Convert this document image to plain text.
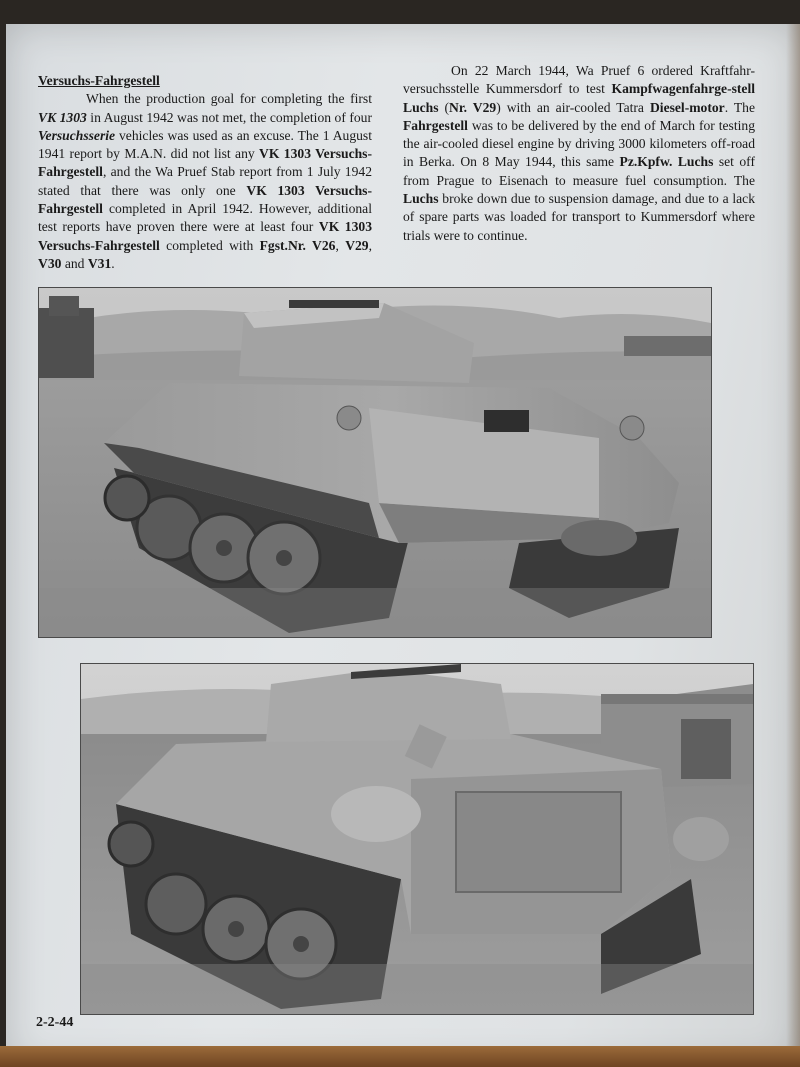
Versuchs-Fahrgestell

When the production goal for completing the first VK 1303 in August 1942 was not met, the completion of four Versuchsserie vehicles was used as an excuse. The 1 August 1941 report by M.A.N. did not list any VK 1303 Versuchs-Fahrgestell, and the Wa Pruef Stab report from 1 July 1942 stated that there was only one VK 1303 Versuchs-Fahrgestell completed in April 1942. However, additional test reports have proven there were at least four VK 1303 Versuchs-Fahrgestell completed with Fgst.Nr. V26, V29, V30 and V31.

On 22 March 1944, Wa Pruef 6 ordered Kraftfahr-versuchsstelle Kummersdorf to test Kampfwagenfahrge-stell Luchs (Nr. V29) with an air-cooled Tatra Diesel-motor. The Fahrgestell was to be delivered by the end of March for testing the air-cooled diesel engine by driving 3000 kilometers off-road in Berka. On 8 May 1944, this same Pz.Kpfw. Luchs set off from Prague to Eisenach to measure fuel consumption. The Luchs broke down due to suspension damage, and due to a lack of spare parts was loaded for transport to Kummersdorf where trials were to continue.

2-2-44
